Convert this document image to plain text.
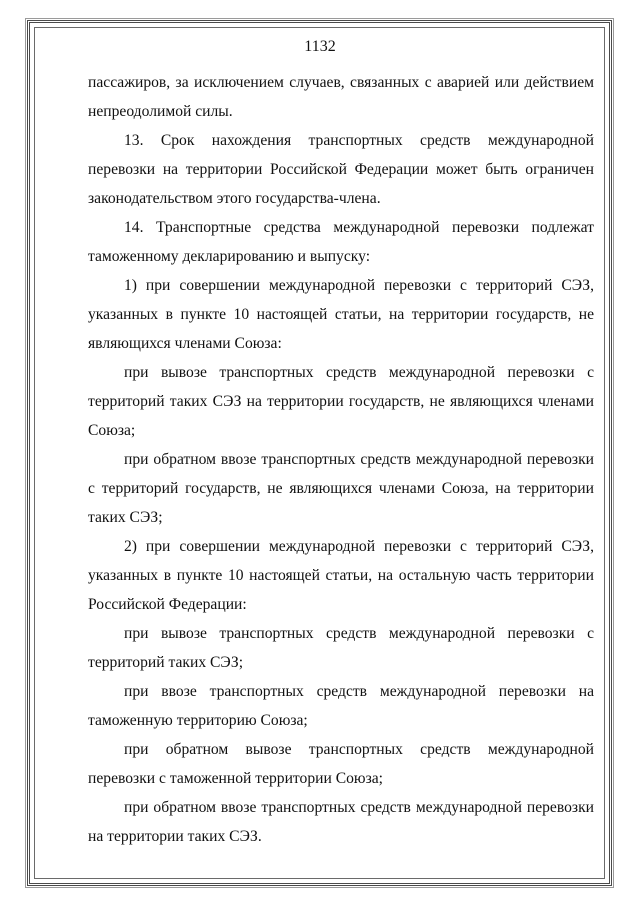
1132

пассажиров, за исключением случаев, связанных с аварией или действием непреодолимой силы.

13. Срок нахождения транспортных средств международной перевозки на территории Российской Федерации может быть ограничен законодательством этого государства-члена.

14. Транспортные средства международной перевозки подлежат таможенному декларированию и выпуску:

1) при совершении международной перевозки с территорий СЭЗ, указанных в пункте 10 настоящей статьи, на территории государств, не являющихся членами Союза:

при вывозе транспортных средств международной перевозки с территорий таких СЭЗ на территории государств, не являющихся членами Союза;

при обратном ввозе транспортных средств международной перевозки с территорий государств, не являющихся членами Союза, на территории таких СЭЗ;

2) при совершении международной перевозки с территорий СЭЗ, указанных в пункте 10 настоящей статьи, на остальную часть территории Российской Федерации:

при вывозе транспортных средств международной перевозки с территорий таких СЭЗ;

при ввозе транспортных средств международной перевозки на таможенную территорию Союза;

при обратном вывозе транспортных средств международной перевозки с таможенной территории Союза;

при обратном ввозе транспортных средств международной перевозки на территории таких СЭЗ.
